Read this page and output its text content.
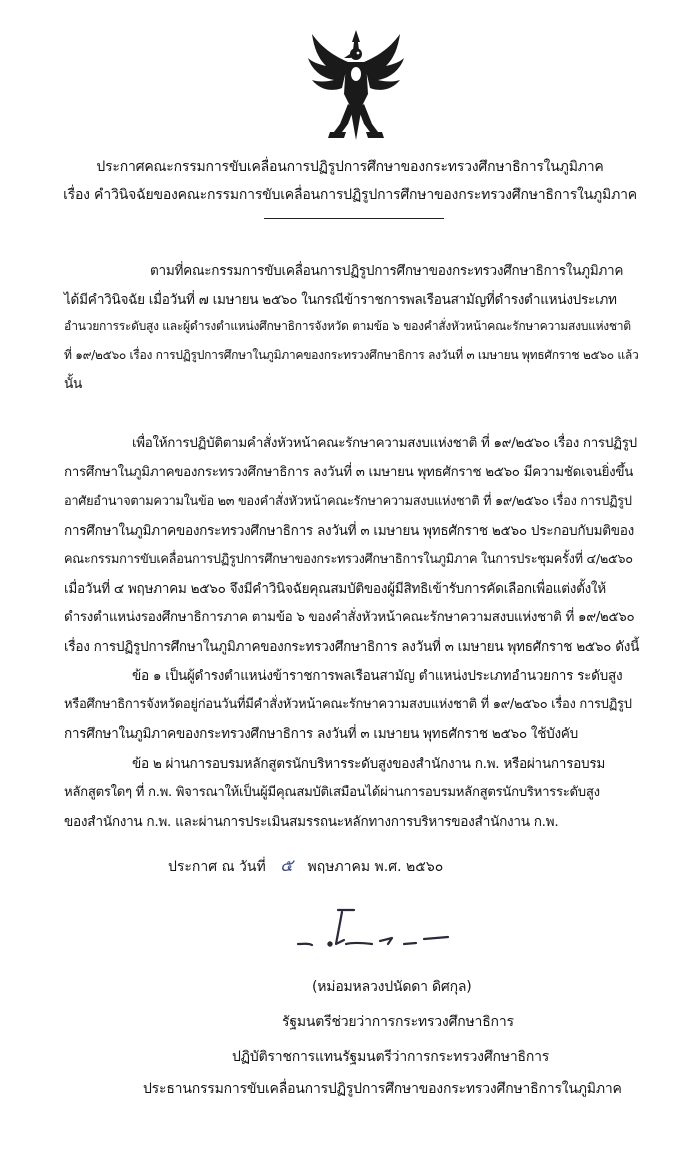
ประกาศคณะกรรมการขับเคลื่อนการปฏิรูปการศึกษาของกระทรวงศึกษาธิการในภูมิภาค
เรื่อง คำวินิจฉัยของคณะกรรมการขับเคลื่อนการปฏิรูปการศึกษาของกระทรวงศึกษาธิการในภูมิภาค
ตามที่คณะกรรมการขับเคลื่อนการปฏิรูปการศึกษาของกระทรวงศึกษาธิการในภูมิภาค
ได้มีคำวินิจฉัย เมื่อวันที่ ๗ เมษายน ๒๕๖๐ ในกรณีข้าราชการพลเรือนสามัญที่ดำรงตำแหน่งประเภท
อำนวยการระดับสูง และผู้ดำรงตำแหน่งศึกษาธิการจังหวัด ตามข้อ ๖ ของคำสั่งหัวหน้าคณะรักษาความสงบแห่งชาติ
ที่ ๑๙/๒๕๖๐ เรื่อง การปฏิรูปการศึกษาในภูมิภาคของกระทรวงศึกษาธิการ ลงวันที่ ๓ เมษายน พุทธศักราช ๒๕๖๐ แล้ว
นั้น
เพื่อให้การปฏิบัติตามคำสั่งหัวหน้าคณะรักษาความสงบแห่งชาติ ที่ ๑๙/๒๕๖๐ เรื่อง การปฏิรูป
การศึกษาในภูมิภาคของกระทรวงศึกษาธิการ ลงวันที่ ๓ เมษายน พุทธศักราช ๒๕๖๐ มีความชัดเจนยิ่งขึ้น
อาศัยอำนาจตามความในข้อ ๒๓ ของคำสั่งหัวหน้าคณะรักษาความสงบแห่งชาติ ที่ ๑๙/๒๕๖๐ เรื่อง การปฏิรูป
การศึกษาในภูมิภาคของกระทรวงศึกษาธิการ ลงวันที่ ๓ เมษายน พุทธศักราช ๒๕๖๐ ประกอบกับมติของ
คณะกรรมการขับเคลื่อนการปฏิรูปการศึกษาของกระทรวงศึกษาธิการในภูมิภาค ในการประชุมครั้งที่ ๔/๒๕๖๐
เมื่อวันที่ ๔ พฤษภาคม ๒๕๖๐ จึงมีคำวินิจฉัยคุณสมบัติของผู้มีสิทธิเข้ารับการคัดเลือกเพื่อแต่งตั้งให้
ดำรงตำแหน่งรองศึกษาธิการภาค ตามข้อ ๖ ของคำสั่งหัวหน้าคณะรักษาความสงบแห่งชาติ ที่ ๑๙/๒๕๖๐
เรื่อง การปฏิรูปการศึกษาในภูมิภาคของกระทรวงศึกษาธิการ ลงวันที่ ๓ เมษายน พุทธศักราช ๒๕๖๐ ดังนี้
ข้อ ๑ เป็นผู้ดำรงตำแหน่งข้าราชการพลเรือนสามัญ ตำแหน่งประเภทอำนวยการ ระดับสูง
หรือศึกษาธิการจังหวัดอยู่ก่อนวันที่มีคำสั่งหัวหน้าคณะรักษาความสงบแห่งชาติ ที่ ๑๙/๒๕๖๐ เรื่อง การปฏิรูป
การศึกษาในภูมิภาคของกระทรวงศึกษาธิการ ลงวันที่ ๓ เมษายน พุทธศักราช ๒๕๖๐ ใช้บังคับ
ข้อ ๒ ผ่านการอบรมหลักสูตรนักบริหารระดับสูงของสำนักงาน ก.พ. หรือผ่านการอบรม
หลักสูตรใดๆ ที่ ก.พ. พิจารณาให้เป็นผู้มีคุณสมบัติเสมือนได้ผ่านการอบรมหลักสูตรนักบริหารระดับสูง
ของสำนักงาน ก.พ. และผ่านการประเมินสมรรถนะหลักทางการบริหารของสำนักงาน ก.พ.
ประกาศ ณ วันที่ ๕ พฤษภาคม พ.ศ. ๒๕๖๐
(หม่อมหลวงปนัดดา ดิศกุล)
รัฐมนตรีช่วยว่าการกระทรวงศึกษาธิการ
ปฏิบัติราชการแทนรัฐมนตรีว่าการกระทรวงศึกษาธิการ
ประธานกรรมการขับเคลื่อนการปฏิรูปการศึกษาของกระทรวงศึกษาธิการในภูมิภาค
